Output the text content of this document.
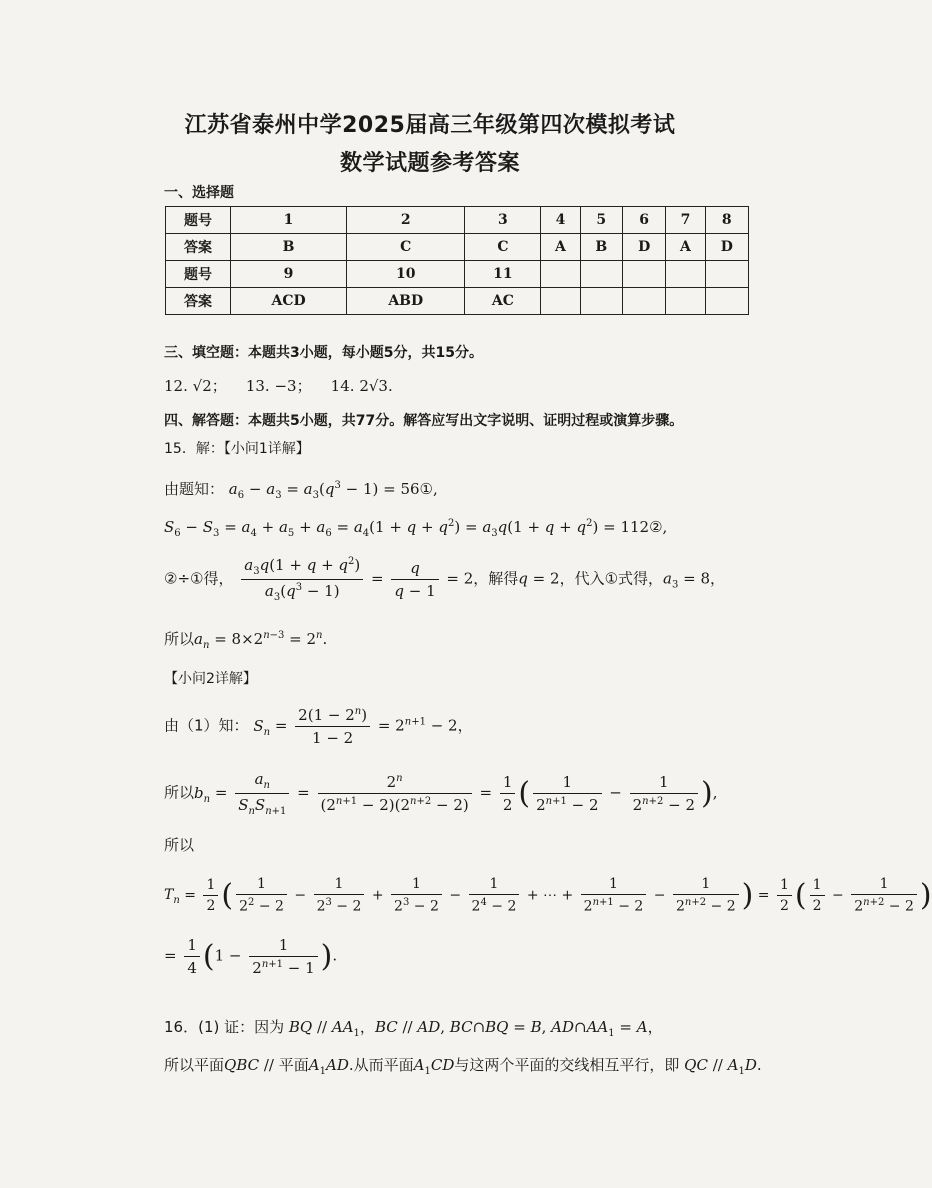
江苏省泰州中学2025届高三年级第四次模拟考试
数学试题参考答案
一、选择题
题号	1	2	3	4	5	6	7	8
答案	B	C	C	A	B	D	A	D
题号	9	10	11					
答案	ACD	ABD	AC					
三、填空题：本题共3小题，每小题5分，共15分。
12. √2；    13. −3；    14. 2√3.
四、解答题：本题共5小题，共77分。解答应写出文字说明、证明过程或演算步骤。
15．解：【小问1详解】
由题知： $a_6 - a_3 = a_3(q^3 - 1)$ = 56①,
$S_6 - S_3 = a_4 + a_5 + a_6 = a_4(1 + q + q^2) = a_3q(1 + q + q^2)$ = 112②,
②÷①得， $\frac{a_3q(1 + q + q^2)}{a_3(q^3 - 1)} = \frac{q}{q - 1} = 2$，解得q = 2，代入①式得，$a_3 = 8$，
所以$a_n = 8\times 2^{n-3} = 2^n$.
【小问2详解】
由（1）知： $S_n = \frac{2(1 - 2^n)}{1 - 2} = 2^{n+1} - 2$，
所以$b_n = \frac{a_n}{S_nS_{n+1}} = \frac{2^n}{(2^{n+1} - 2)(2^{n+2} - 2)} = \frac{1}{2}$ ( $\frac{1}{2^{n+1} - 2} - \frac{1}{2^{n+2} - 2}$ ),
所以
$T_n = \frac{1}{2}$ ( $\frac{1}{2^2 - 2} - \frac{1}{2^3 - 2} + \frac{1}{2^3 - 2} - \frac{1}{2^4 - 2}$ + ⋯ + $\frac{1}{2^{n+1} - 2} - \frac{1}{2^{n+2} - 2}$ ) = $\frac{1}{2}$ ( $\frac{1}{2} - \frac{1}{2^{n+2} - 2}$ )
= $\frac{1}{4} (1 - \frac{1}{2^{n+1} - 1}$ ).
16．(1) 证：因为 BQ // $AA_1$，BC // AD, BC∩BQ = B, $AD\cap AA_1 = A$，
所以平面QBC // 平面$A_1AD$.从而平面$A_1CD$与这两个平面的交线相互平行，即 QC // $A_1D$.
